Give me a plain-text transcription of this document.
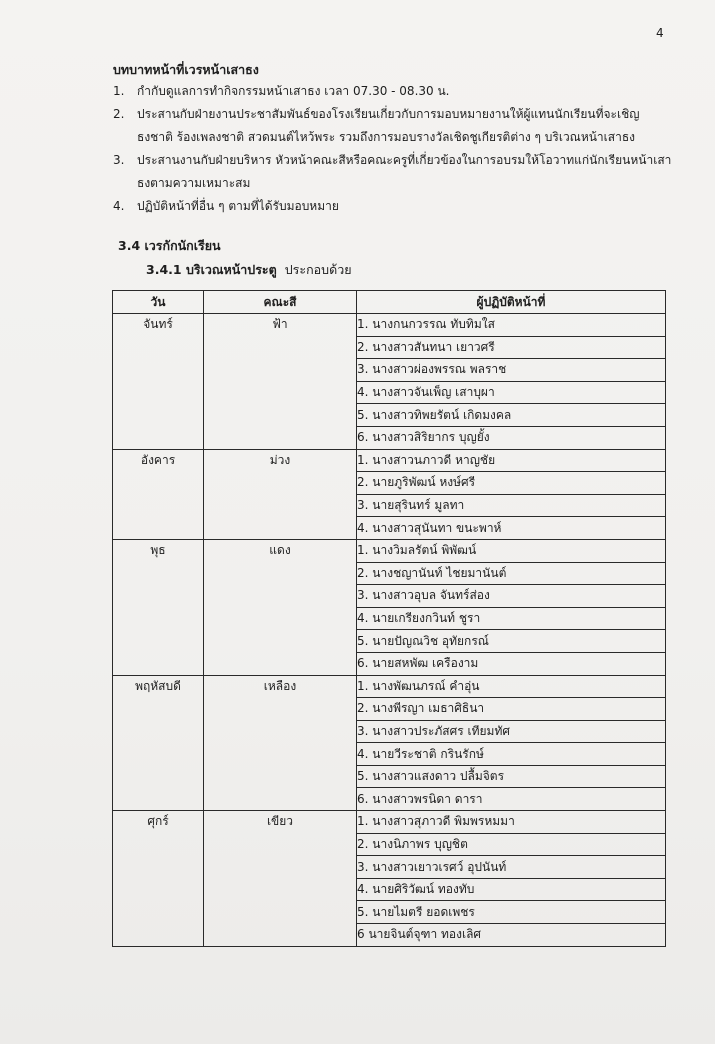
4
บทบาทหน้าที่เวรหน้าเสาธง
1. กำกับดูแลการทำกิจกรรมหน้าเสาธง เวลา 07.30 - 08.30 น.
2. ประสานกับฝ่ายงานประชาสัมพันธ์ของโรงเรียนเกี่ยวกับการมอบหมายงานให้ผู้แทนนักเรียนที่จะเชิญธงชาติ ร้องเพลงชาติ สวดมนต์ไหว้พระ รวมถึงการมอบรางวัลเชิดชูเกียรติต่าง ๆ บริเวณหน้าเสาธง
3. ประสานงานกับฝ่ายบริหาร หัวหน้าคณะสีหรือคณะครูที่เกี่ยวข้องในการอบรมให้โอวาทแก่นักเรียนหน้าเสาธงตามความเหมาะสม
4. ปฏิบัติหน้าที่อื่น ๆ ตามที่ได้รับมอบหมาย
3.4 เวรกักนักเรียน
3.4.1 บริเวณหน้าประตู ประกอบด้วย
วัน	คณะสี	ผู้ปฏิบัติหน้าที่
จันทร์	ฟ้า	1. นางกนกวรรณ ทับทิมใส
		2. นางสาวสันทนา เยาวศรี
		3. นางสาวผ่องพรรณ พลราช
		4. นางสาวจันเพ็ญ เสาบุผา
		5. นางสาวทิพยรัตน์ เกิดมงคล
		6. นางสาวสิริยากร บุญยั้ง
อังคาร	ม่วง	1. นางสาวนภาวดี หาญชัย
		2. นายภูริพัฒน์ หงษ์ศรี
		3. นายสุรินทร์ มูลทา
		4. นางสาวสุนันทา ขนะพาห์
พุธ	แดง	1. นางวิมลรัตน์ พิพัฒน์
		2. นางชญานันท์ ไชยมานันต์
		3. นางสาวอุบล จันทร์ส่อง
		4. นายเกรียงกวินท์ ชูรา
		5. นายปัญณวิช อุทัยกรณ์
		6. นายสหพัฒ เครืองาม
พฤหัสบดี	เหลือง	1. นางพัฒนภรณ์ คำอุ่น
		2. นางพีรญา เมธาศิธินา
		3. นางสาวประภัสศร เทียมทัศ
		4. นายวีระชาติ กรินรักษ์
		5. นางสาวแสงดาว ปลื้มจิตร
		6. นางสาวพรนิดา ดารา
ศุกร์	เขียว	1. นางสาวสุภาวดี พิมพรหมมา
		2. นางนิภาพร บุญชิต
		3. นางสาวเยาวเรศว์ อุปนันท์
		4. นายศิริวัฒน์ ทองทับ
		5. นายไมตรี ยอดเพชร
		6 นายจินต์จุฑา ทองเลิศ
